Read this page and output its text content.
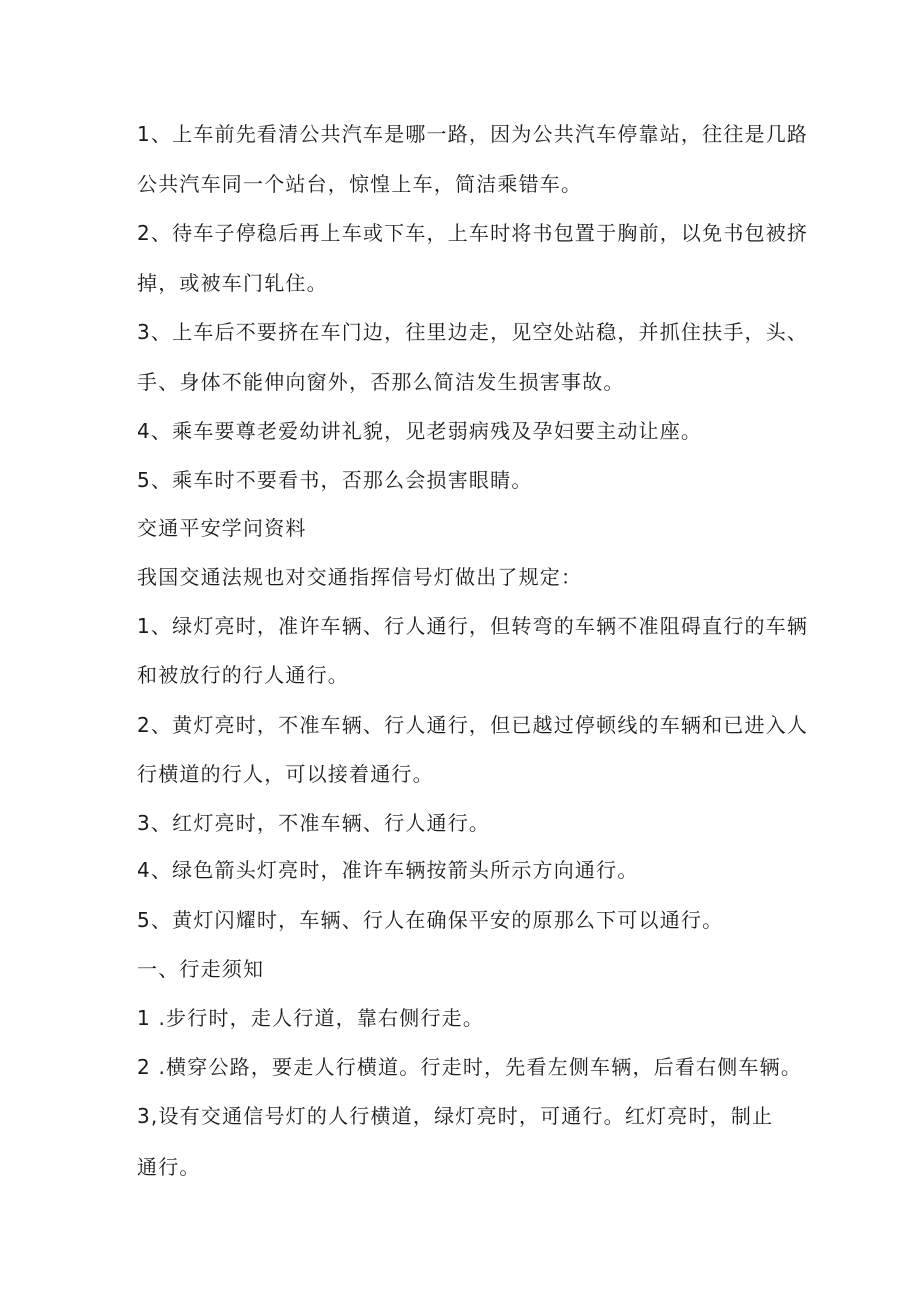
1、上车前先看清公共汽车是哪一路，因为公共汽车停靠站，往往是几路
公共汽车同一个站台，惊惶上车，简洁乘错车。
2、待车子停稳后再上车或下车，上车时将书包置于胸前，以免书包被挤
掉，或被车门轧住。
3、上车后不要挤在车门边，往里边走，见空处站稳，并抓住扶手，头、
手、身体不能伸向窗外，否那么简洁发生损害事故。
4、乘车要尊老爱幼讲礼貌，见老弱病残及孕妇要主动让座。
5、乘车时不要看书，否那么会损害眼睛。
交通平安学问资料
我国交通法规也对交通指挥信号灯做出了规定：
1、绿灯亮时，准许车辆、行人通行，但转弯的车辆不准阻碍直行的车辆
和被放行的行人通行。
2、黄灯亮时，不准车辆、行人通行，但已越过停顿线的车辆和已进入人
行横道的行人，可以接着通行。
3、红灯亮时，不准车辆、行人通行。
4、绿色箭头灯亮时，准许车辆按箭头所示方向通行。
5、黄灯闪耀时，车辆、行人在确保平安的原那么下可以通行。
一、行走须知
1 .步行时，走人行道，靠右侧行走。
2 .横穿公路，要走人行横道。行走时，先看左侧车辆，后看右侧车辆。
3,设有交通信号灯的人行横道，绿灯亮时，可通行。红灯亮时，制止
通行。
